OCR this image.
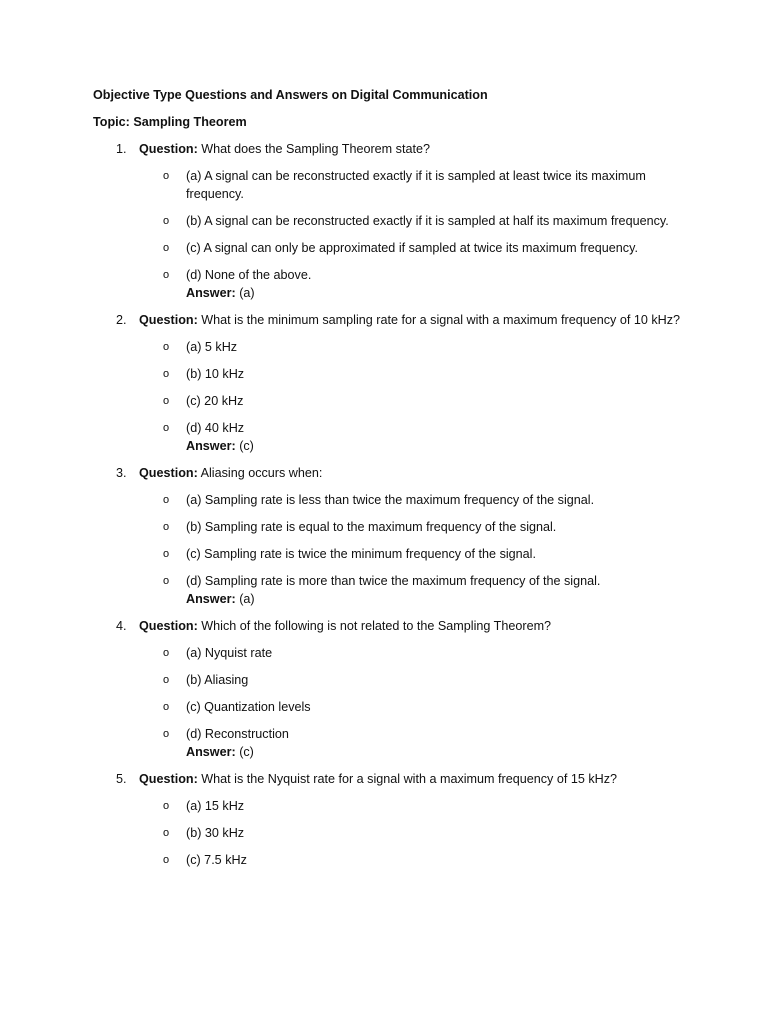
Objective Type Questions and Answers on Digital Communication
Topic: Sampling Theorem
1. Question: What does the Sampling Theorem state?
o (a) A signal can be reconstructed exactly if it is sampled at least twice its maximum frequency.
o (b) A signal can be reconstructed exactly if it is sampled at half its maximum frequency.
o (c) A signal can only be approximated if sampled at twice its maximum frequency.
o (d) None of the above.
Answer: (a)
2. Question: What is the minimum sampling rate for a signal with a maximum frequency of 10 kHz?
o (a) 5 kHz
o (b) 10 kHz
o (c) 20 kHz
o (d) 40 kHz
Answer: (c)
3. Question: Aliasing occurs when:
o (a) Sampling rate is less than twice the maximum frequency of the signal.
o (b) Sampling rate is equal to the maximum frequency of the signal.
o (c) Sampling rate is twice the minimum frequency of the signal.
o (d) Sampling rate is more than twice the maximum frequency of the signal.
Answer: (a)
4. Question: Which of the following is not related to the Sampling Theorem?
o (a) Nyquist rate
o (b) Aliasing
o (c) Quantization levels
o (d) Reconstruction
Answer: (c)
5. Question: What is the Nyquist rate for a signal with a maximum frequency of 15 kHz?
o (a) 15 kHz
o (b) 30 kHz
o (c) 7.5 kHz
